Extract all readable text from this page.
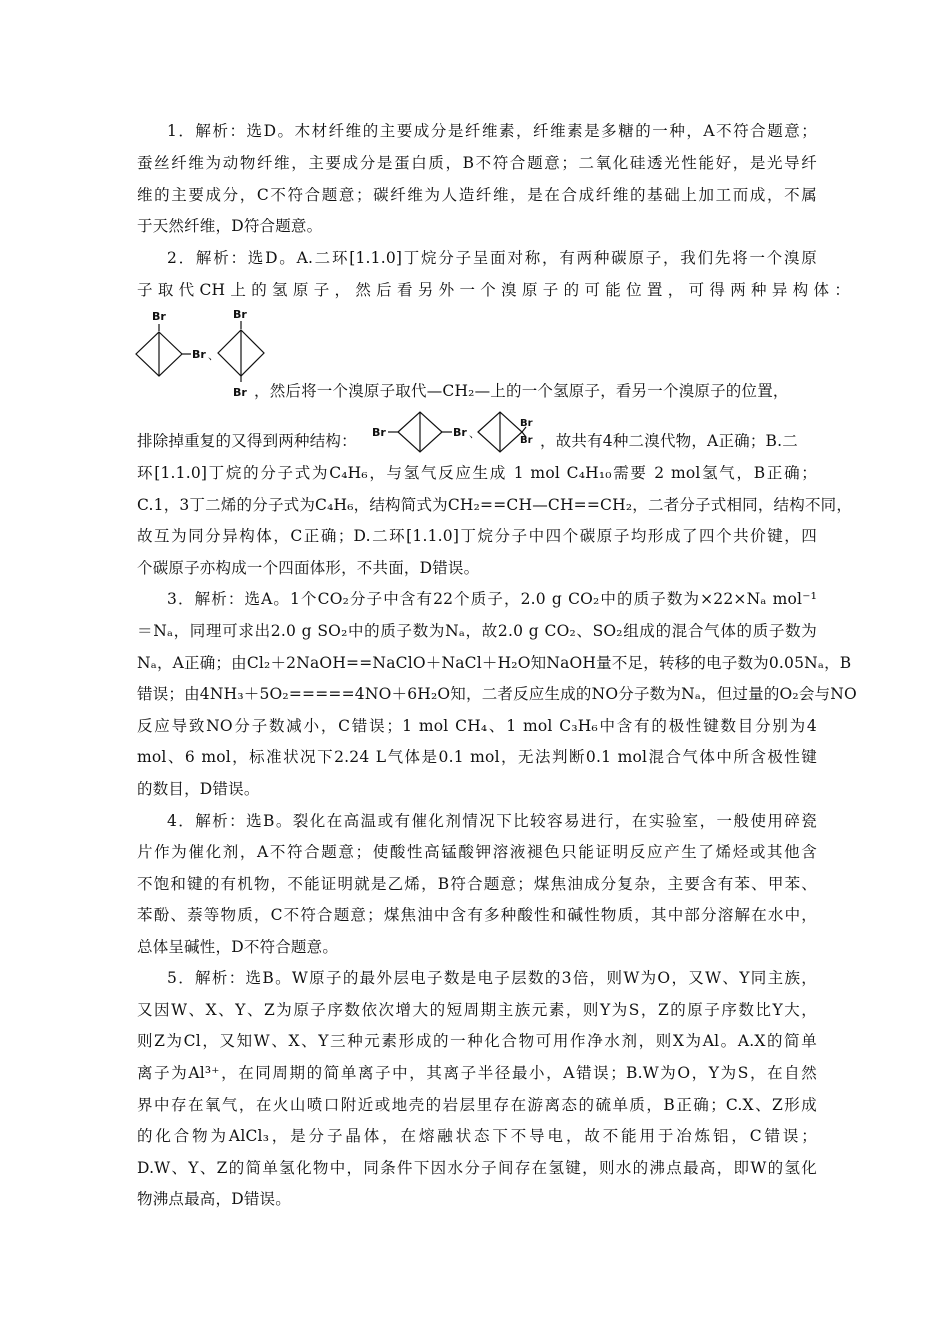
1．解析：选D。木材纤维的主要成分是纤维素，纤维素是多糖的一种，A不符合题意；
蚕丝纤维为动物纤维，主要成分是蛋白质，B不符合题意；二氧化硅透光性能好，是光导纤
维的主要成分，C不符合题意；碳纤维为人造纤维，是在合成纤维的基础上加工而成，不属
于天然纤维，D符合题意。
2．解析：选D。A.二环[1.1.0]丁烷分子呈面对称，有两种碳原子，我们先将一个溴原
子 取 代 CH 上 的 氢 原 子 ， 然 后 看 另 外 一 个 溴 原 子 的 可 能 位 置 ， 可 得 两 种 异 构 体 ：
Br
Br 、
Br
Br ，然后将一个溴原子取代—CH₂—上的一个氢原子，看另一个溴原子的位置，
排除掉重复的又得到两种结构：	Br	Br 、
Br
Br ，故共有4种二溴代物，A正确；B.二
环[1.1.0]丁烷的分子式为C₄H₆，与氢气反应生成 1 mol C₄H₁₀需要 2 mol氢气，B正确；
C.1，3丁二烯的分子式为C₄H₆，结构简式为CH₂==CH—CH==CH₂，二者分子式相同，结构不同，
故互为同分异构体，C正确；D.二环[1.1.0]丁烷分子中四个碳原子均形成了四个共价键，四
个碳原子亦构成一个四面体形，不共面，D错误。
3．解析：选A。1个CO₂分子中含有22个质子，2.0 g CO₂中的质子数为×22×Nₐ mol⁻¹
＝Nₐ，同理可求出2.0 g SO₂中的质子数为Nₐ，故2.0 g CO₂、SO₂组成的混合气体的质子数为
Nₐ，A正确；由Cl₂＋2NaOH==NaClO＋NaCl＋H₂O知NaOH量不足，转移的电子数为0.05Nₐ，B
错误；由4NH₃＋5O₂=====4NO＋6H₂O知，二者反应生成的NO分子数为Nₐ，但过量的O₂会与NO
反应导致NO分子数减小，C错误；1 mol CH₄、1 mol C₃H₆中含有的极性键数目分别为4
mol、6 mol，标准状况下2.24 L气体是0.1 mol，无法判断0.1 mol混合气体中所含极性键
的数目，D错误。
4．解析：选B。裂化在高温或有催化剂情况下比较容易进行，在实验室，一般使用碎瓷
片作为催化剂，A不符合题意；使酸性高锰酸钾溶液褪色只能证明反应产生了烯烃或其他含
不饱和键的有机物，不能证明就是乙烯，B符合题意；煤焦油成分复杂，主要含有苯、甲苯、
苯酚、萘等物质，C不符合题意；煤焦油中含有多种酸性和碱性物质，其中部分溶解在水中，
总体呈碱性，D不符合题意。
5．解析：选B。W原子的最外层电子数是电子层数的3倍，则W为O，又W、Y同主族，
又因W、X、Y、Z为原子序数依次增大的短周期主族元素，则Y为S，Z的原子序数比Y大，
则Z为Cl，又知W、X、Y三种元素形成的一种化合物可用作净水剂，则X为Al。A.X的简单
离子为Al³⁺，在同周期的简单离子中，其离子半径最小，A错误；B.W为O，Y为S，在自然
界中存在氧气，在火山喷口附近或地壳的岩层里存在游离态的硫单质，B正确；C.X、Z形成
的化合物为AlCl₃，是分子晶体，在熔融状态下不导电，故不能用于冶炼铝，C错误；
D.W、Y、Z的简单氢化物中，同条件下因水分子间存在氢键，则水的沸点最高，即W的氢化
物沸点最高，D错误。
